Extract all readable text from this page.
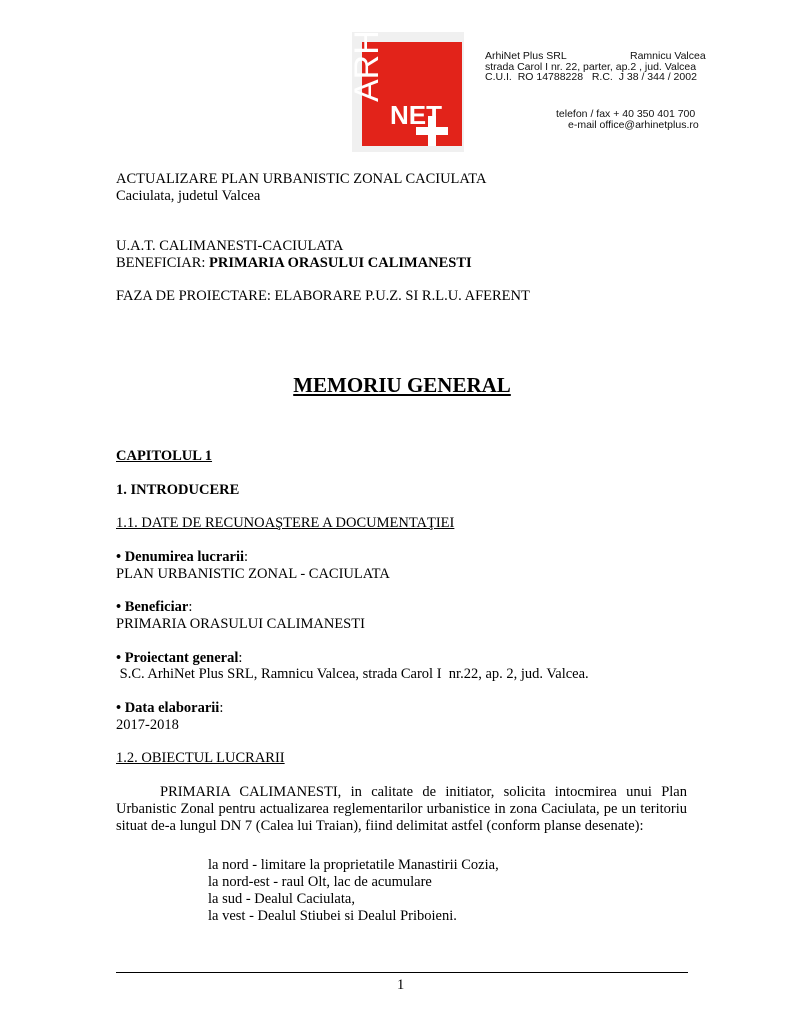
ARHI
NET
ArhiNet Plus SRL	Ramnicu Valcea
strada Carol I nr. 22, parter, ap.2 , jud. Valcea
C.U.I. RO 14788228 R.C. J 38 / 344 / 2002
telefon / fax + 40 350 401 700
e-mail office@arhinetplus.ro
ACTUALIZARE PLAN URBANISTIC ZONAL CACIULATA
Caciulata, judetul Valcea
U.A.T. CALIMANESTI-CACIULATA
BENEFICIAR: PRIMARIA ORASULUI CALIMANESTI
FAZA DE PROIECTARE: ELABORARE P.U.Z. SI R.L.U. AFERENT
MEMORIU GENERAL
CAPITOLUL 1
1. INTRODUCERE
1.1. DATE DE RECUNOAŞTERE A DOCUMENTAŢIEI
• Denumirea lucrarii:
PLAN URBANISTIC ZONAL - CACIULATA
• Beneficiar:
PRIMARIA ORASULUI CALIMANESTI
• Proiectant general:
S.C. ArhiNet Plus SRL, Ramnicu Valcea, strada Carol I  nr.22, ap. 2, jud. Valcea.
• Data elaborarii:
2017-2018
1.2. OBIECTUL LUCRARII
PRIMARIA CALIMANESTI, in calitate de initiator, solicita intocmirea unui Plan Urbanistic Zonal pentru actualizarea reglementarilor urbanistice in zona Caciulata, pe un teritoriu situat de-a lungul DN 7 (Calea lui Traian), fiind delimitat astfel (conform planse desenate):
la nord - limitare la proprietatile Manastirii Cozia,
la nord-est - raul Olt, lac de acumulare
la sud - Dealul Caciulata,
la vest - Dealul Stiubei si Dealul Priboieni.
1
